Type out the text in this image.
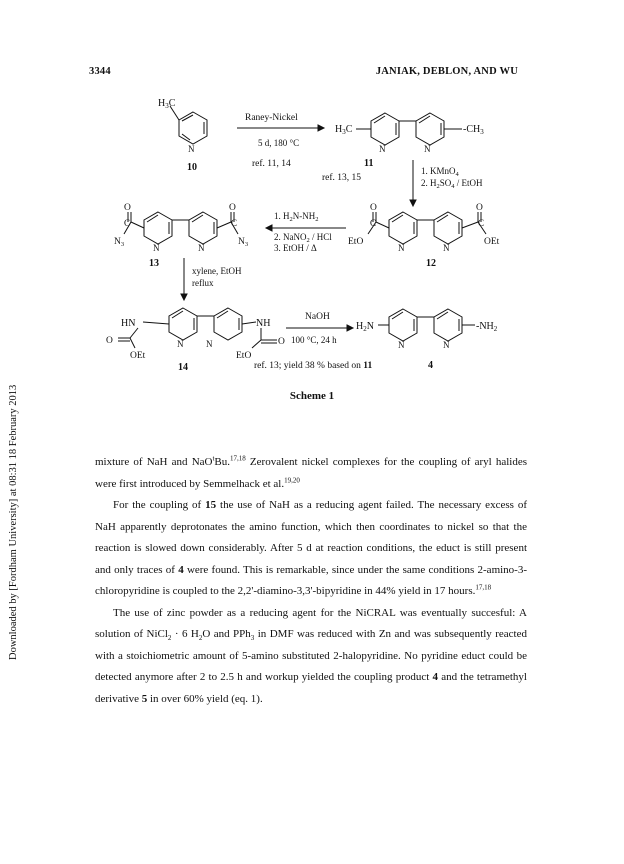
3344	JANIAK, DEBLON, AND WU
Downloaded by [Fordham University] at 08:31 18 February 2013
$H_3C$
N
10
Raney-Nickel
5 d, 180 °C
ref. 11, 14
$H_3C$	$-CH_3$
N	N
11
1. KMnO$_4$
2. $H_2SO_4$ / EtOH
ref. 13, 15
O	O
C	C
EtO	OEt
N	N
12
1. $H_2N-NH_2$
2. NaNO$_2$ / HCl
3. EtOH / Δ
O	O
C	C
$N_3$	$N_3$
N	N
13
xylene, EtOH
reflux
HN	NH
O	O
OEt	EtO
N	N
14
NaOH
100 °C, 24 h
$H_2N$	$-NH_2$
N	N
ref. 13; yield 38 % based on 11	4
Scheme 1

mixture of NaH and NaO$^t$Bu.$^{17,18}$ Zerovalent nickel complexes for the coupling of aryl halides were first introduced by Semmelhack et al.$^{19,20}$

For the coupling of 15 the use of NaH as a reducing agent failed. The necessary excess of NaH apparently deprotonates the amino function, which then coordinates to nickel so that the reaction is slowed down considerably. After 5 d at reaction conditions, the educt is still present and only traces of 4 were found. This is remarkable, since under the same conditions 2-amino-3-chloropyridine is coupled to the 2,2'-diamino-3,3'-bipyridine in 44% yield in 17 hours.$^{17,18}$

The use of zinc powder as a reducing agent for the NiCRAL was eventually succesful: A solution of NiCl$_2$ · 6 $H_2O$ and PPh$_3$ in DMF was reduced with Zn and was subsequently reacted with a stoichiometric amount of 5-amino substituted 2-halopyridine. No pyridine educt could be detected anymore after 2 to 2.5 h and workup yielded the coupling product 4 and the tetramethyl derivative 5 in over 60% yield (eq. 1).
